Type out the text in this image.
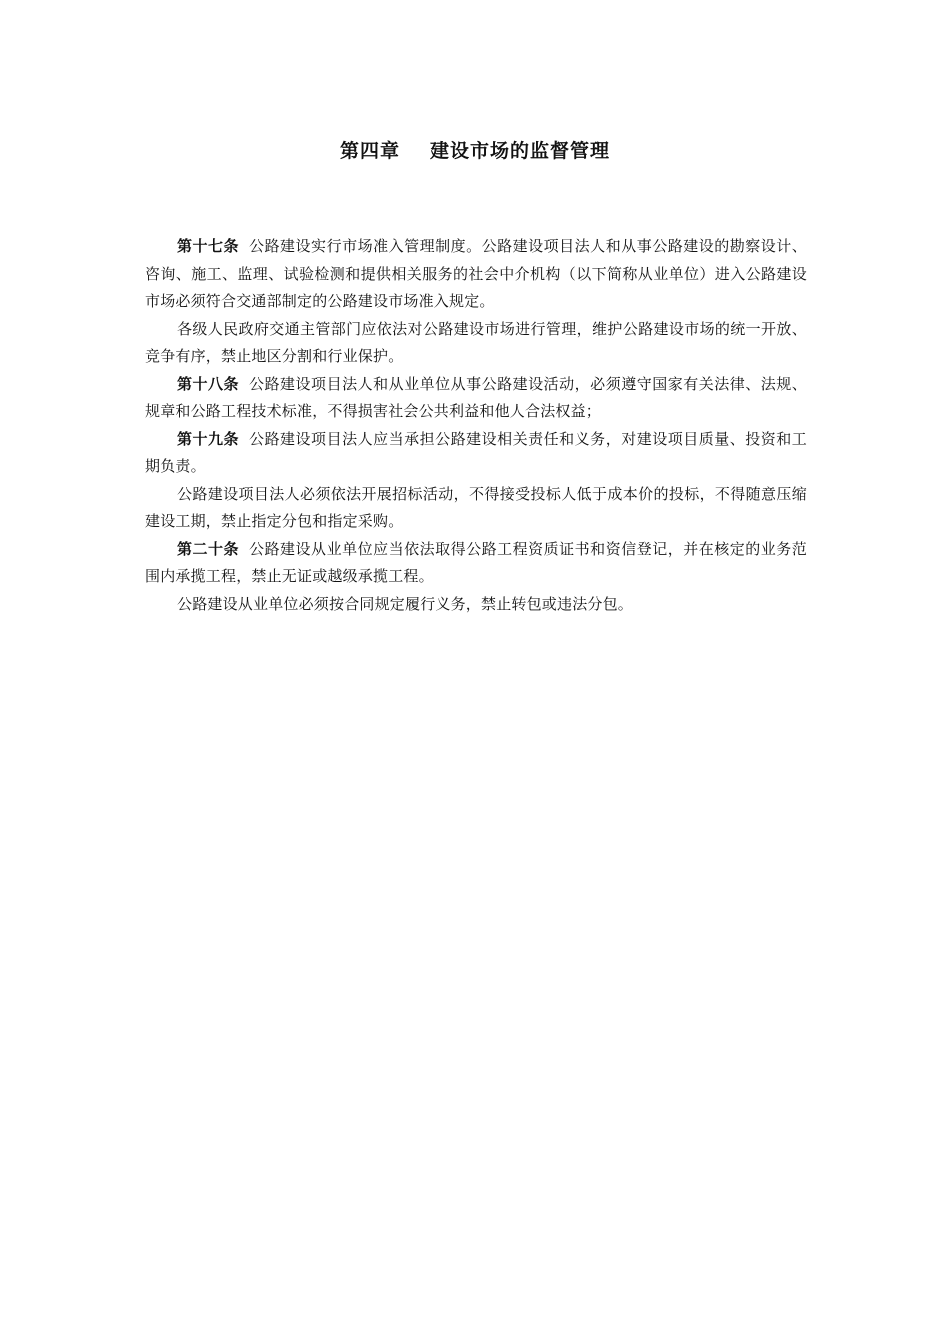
第四章 建设市场的监督管理

第十七条 公路建设实行市场准入管理制度。公路建设项目法人和从事公路建设的勘察设计、咨询、施工、监理、试验检测和提供相关服务的社会中介机构（以下简称从业单位）进入公路建设市场必须符合交通部制定的公路建设市场准入规定。

各级人民政府交通主管部门应依法对公路建设市场进行管理，维护公路建设市场的统一开放、竞争有序，禁止地区分割和行业保护。

第十八条 公路建设项目法人和从业单位从事公路建设活动，必须遵守国家有关法律、法规、规章和公路工程技术标准，不得损害社会公共利益和他人合法权益；

第十九条 公路建设项目法人应当承担公路建设相关责任和义务，对建设项目质量、投资和工期负责。

公路建设项目法人必须依法开展招标活动，不得接受投标人低于成本价的投标，不得随意压缩建设工期，禁止指定分包和指定采购。

第二十条 公路建设从业单位应当依法取得公路工程资质证书和资信登记，并在核定的业务范围内承揽工程，禁止无证或越级承揽工程。

公路建设从业单位必须按合同规定履行义务，禁止转包或违法分包。
